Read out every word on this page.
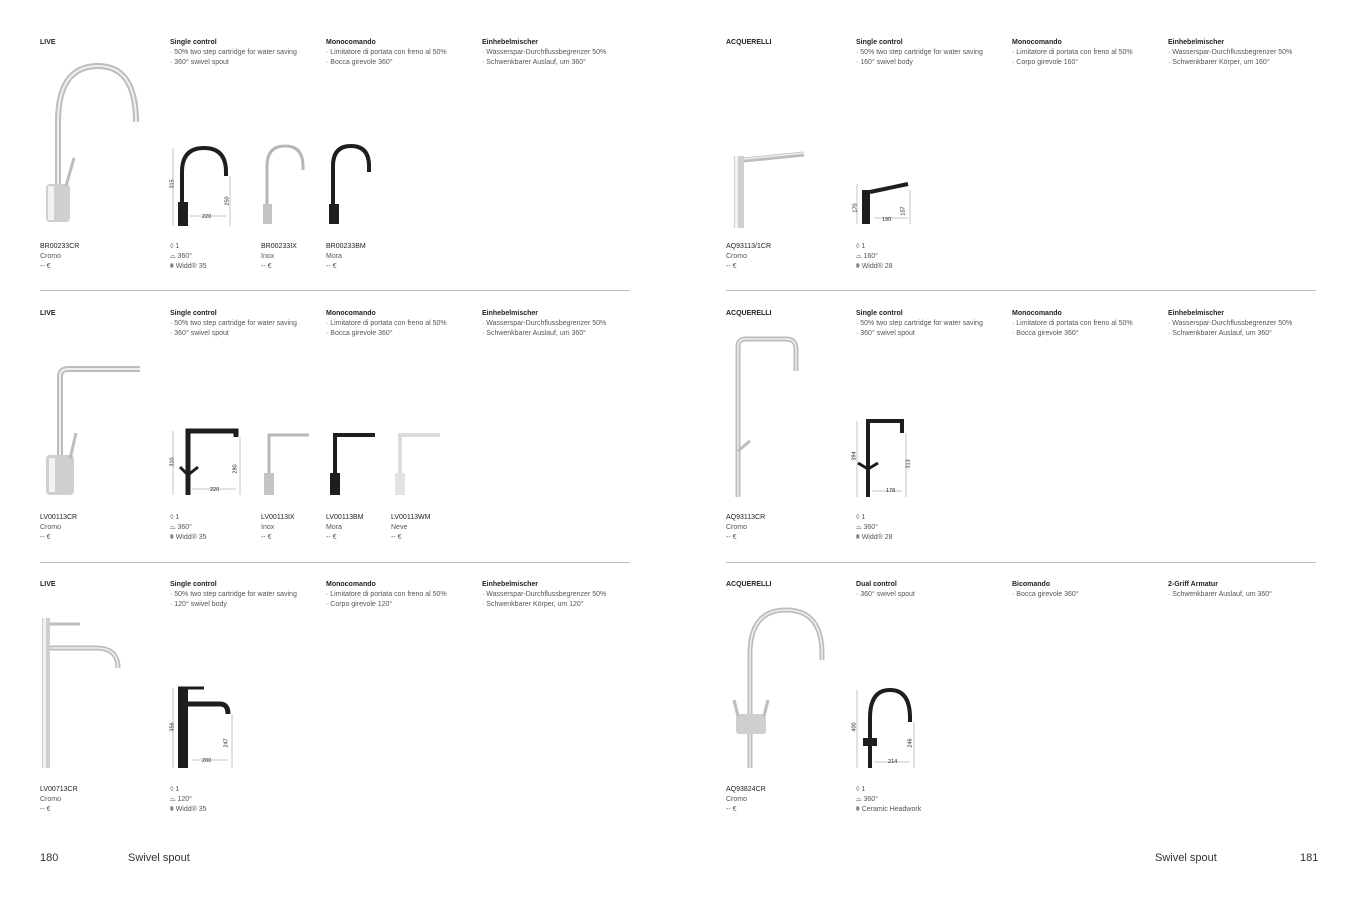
LIVE	Single control
· 50% two step cartridge for water saving
· 360° swivel spout
Monocomando
· Limitatore di portata con freno al 50%
· Bocca girevole 360°
Einhebelmischer
· Wasserspar-Durchflussbegrenzer 50%
· Schwenkbarer Auslauf, um 360°
315
250
220
BR00233CR
Cromo
-- €
◊ 1
⌓ 360°
⩩ Widd® 35
BR00233IX
Inox
-- €
BR00233BM
Mora
-- €
LIVE	Single control
· 50% two step cartridge for water saving
· 360° swivel spout
Monocomando
· Limitatore di portata con freno al 50%
· Bocca girevole 360°
Einhebelmischer
· Wasserspar-Durchflussbegrenzer 50%
· Schwenkbarer Auslauf, um 360°
310
280
220
LV00113CR
Cromo
-- €
◊ 1
⌓ 360°
⩩ Widd® 35
LV00113IX
Inox
-- €
LV00113BM
Mora
-- €
LV00113WM
Neve
-- €
LIVE	Single control
· 50% two step cartridge for water saving
· 120° swivel body
Monocomando
· Limitatore di portata con freno al 50%
· Corpo girevole 120°
Einhebelmischer
· Wasserspar-Durchflussbegrenzer 50%
· Schwenkbarer Körper, um 120°
356
247
200
LV00713CR
Cromo
-- €
◊ 1
⌓ 120°
⩩ Widd® 35
180	Swivel spout
ACQUERELLI	Single control
· 50% two step cartridge for water saving
· 160° swivel body
Monocomando
· Limitatore di portata con freno al 50%
· Corpo girevole 160°
Einhebelmischer
· Wasserspar-Durchflussbegrenzer 50%
· Schwenkbarer Körper, um 160°
170	157
190
AQ93113/1CR
Cromo
-- €
◊ 1
⌓ 160°
⩩ Widd® 28
ACQUERELLI	Single control
· 50% two step cartridge for water saving
· 360° swivel spout
Monocomando
· Limitatore di portata con freno al 50%
· Bocca girevole 360°
Einhebelmischer
· Wasserspar-Durchflussbegrenzer 50%
· Schwenkbarer Auslauf, um 360°
394
313
178
AQ93113CR
Cromo
-- €
◊ 1
⌓ 360°
⩩ Widd® 28
ACQUERELLI	Dual control
· 360° swivel spout
Bicomando
· Bocca girevole 360°
2-Griff Armatur
· Schwenkbarer Auslauf, um 360°
400
246
214
AQ93824CR
Cromo
-- €
◊ 1
⌓ 360°
⩩ Ceramic Headwork
Swivel spout	181
